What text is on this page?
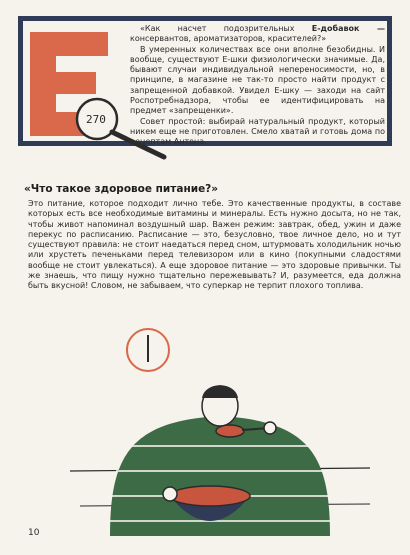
270

«Как насчет подозрительных E-добавок — консервантов, ароматизаторов, красителей?»

В умеренных количествах все они вполне безобидны. И вообще, существуют E-шки физиологически значимые. Да, бывают случаи индивидуальной непереносимости, но, в принципе, в магазине не так-то просто найти продукт с запрещенной добавкой. Увидел Е-шку — заходи на сайт Роспотребнадзора, чтобы ее идентифицировать на предмет «запрещенки».

Совет простой: выбирай натуральный продукт, который никем еще не приготовлен. Смело хватай и готовь дома по рецептам Антона.

«Что такое здоровое питание?»
Это питание, которое подходит лично тебе. Это качественные продукты, в составе которых есть все необходимые витамины и минералы. Есть нужно досыта, но не так, чтобы живот напоминал воздушный шар. Важен режим: завтрак, обед, ужин и даже перекус по расписанию. Расписание — это, безусловно, твое личное дело, но и тут существуют правила: не стоит наедаться перед сном, штурмовать холодильник ночью или хрустеть печеньками перед телевизором или в кино (покупными сладостями вообще не стоит увлекаться). А еще здоровое питание — это здоровые привычки. Ты же знаешь, что пищу нужно тщательно пережевывать? И, разумеется, еда должна быть вкусной! Словом, не забываем, что суперкар не терпит плохого топлива.
10
